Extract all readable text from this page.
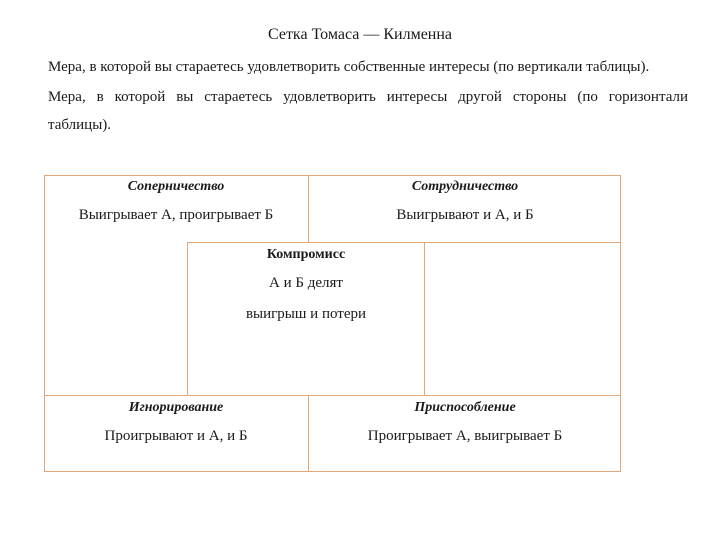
Сетка Томаса — Килменна
Мера, в которой вы стараетесь удовлетворить собственные интересы (по вертикали таблицы).
Мера, в которой вы стараетесь удовлетворить интересы другой стороны (по горизонтали
таблицы).
Соперничество
Выигрывает А, проигрывает Б
Сотрудничество
Выигрывают и А, и Б
Компромисс
А и Б делят
выигрыш и потери
Игнорирование
Проигрывают и А, и Б
Приспособление
Проигрывает А, выигрывает Б
